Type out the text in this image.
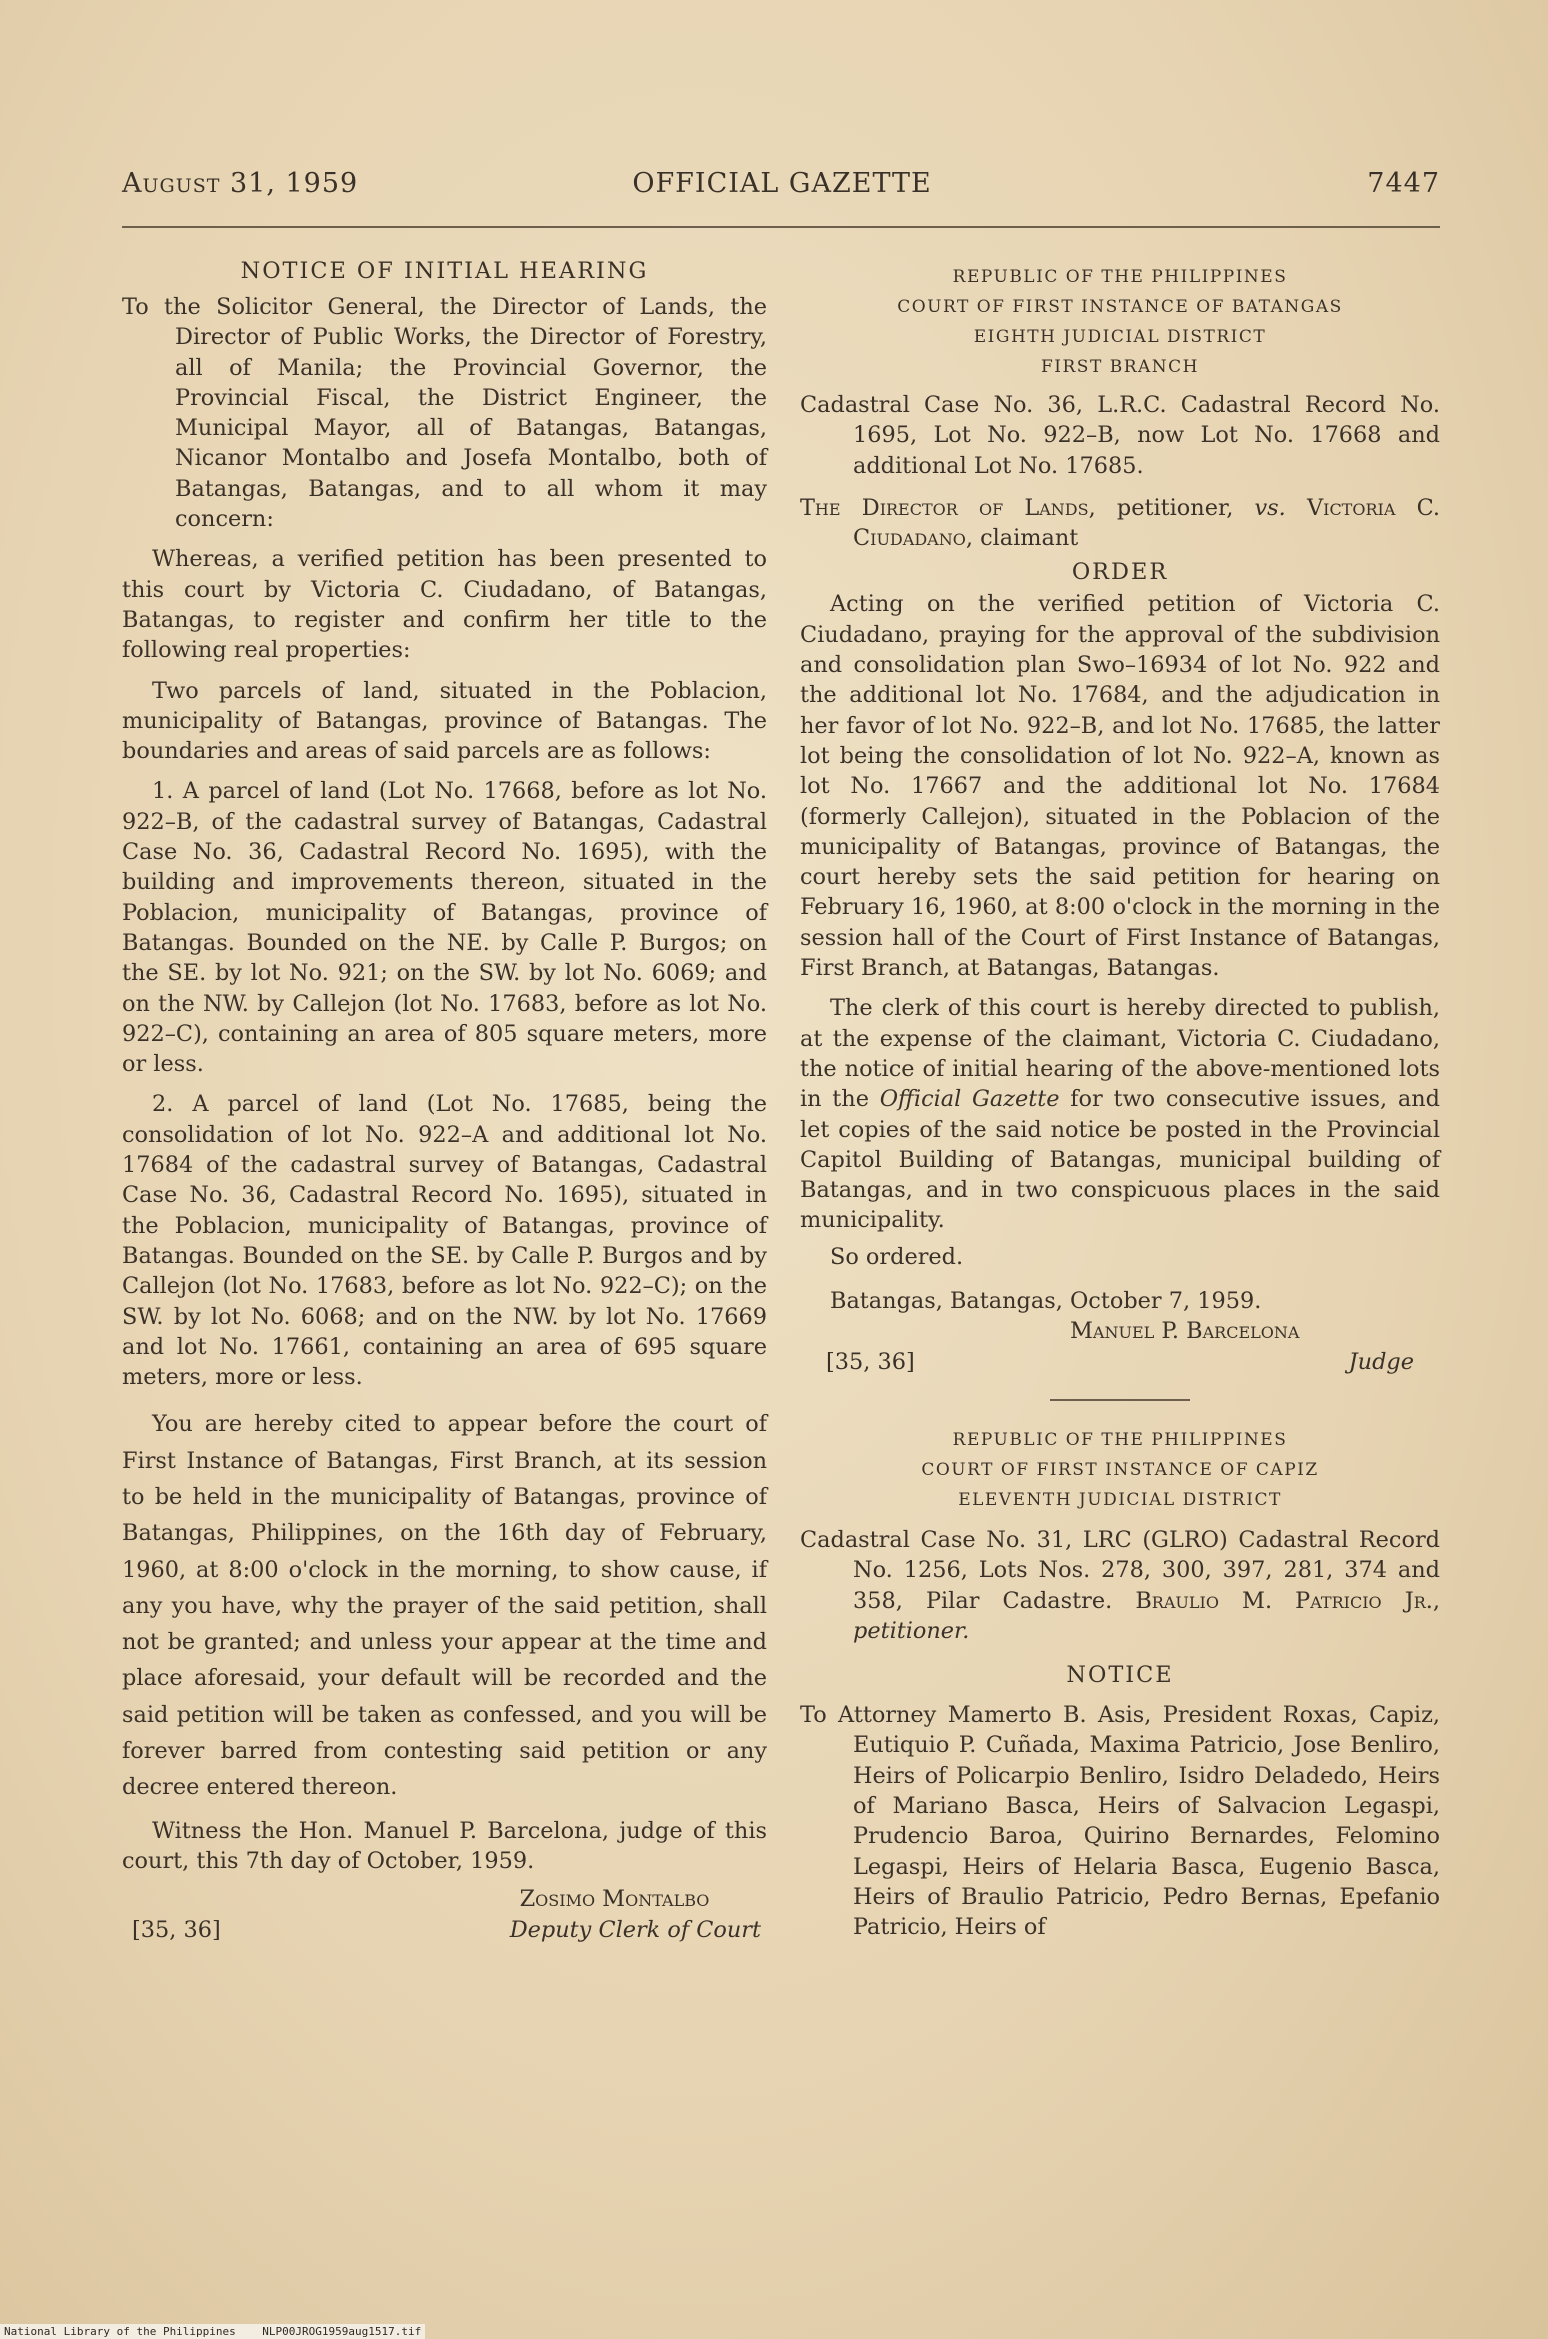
August 31, 1959	OFFICIAL GAZETTE	7447

NOTICE OF INITIAL HEARING

To the Solicitor General, the Director of Lands, the Director of Public Works, the Director of Forestry, all of Manila; the Provincial Governor, the Provincial Fiscal, the District Engineer, the Municipal Mayor, all of Batangas, Batangas, Nicanor Montalbo and Josefa Montalbo, both of Batangas, Batangas, and to all whom it may concern:

Whereas, a verified petition has been presented to this court by Victoria C. Ciudadano, of Batangas, Batangas, to register and confirm her title to the following real properties:

Two parcels of land, situated in the Poblacion, municipality of Batangas, province of Batangas. The boundaries and areas of said parcels are as follows:

1. A parcel of land (Lot No. 17668, before as lot No. 922–B, of the cadastral survey of Batangas, Cadastral Case No. 36, Cadastral Record No. 1695), with the building and improvements thereon, situated in the Poblacion, municipality of Batangas, province of Batangas. Bounded on the NE. by Calle P. Burgos; on the SE. by lot No. 921; on the SW. by lot No. 6069; and on the NW. by Callejon (lot No. 17683, before as lot No. 922–C), containing an area of 805 square meters, more or less.

2. A parcel of land (Lot No. 17685, being the consolidation of lot No. 922–A and additional lot No. 17684 of the cadastral survey of Batangas, Cadastral Case No. 36, Cadastral Record No. 1695), situated in the Poblacion, municipality of Batangas, province of Batangas. Bounded on the SE. by Calle P. Burgos and by Callejon (lot No. 17683, before as lot No. 922–C); on the SW. by lot No. 6068; and on the NW. by lot No. 17669 and lot No. 17661, containing an area of 695 square meters, more or less.

You are hereby cited to appear before the court of First Instance of Batangas, First Branch, at its session to be held in the municipality of Batangas, province of Batangas, Philippines, on the 16th day of February, 1960, at 8:00 o'clock in the morning, to show cause, if any you have, why the prayer of the said petition, shall not be granted; and unless your appear at the time and place aforesaid, your default will be recorded and the said petition will be taken as confessed, and you will be forever barred from contesting said petition or any decree entered thereon.

Witness the Hon. Manuel P. Barcelona, judge of this court, this 7th day of October, 1959.

Zosimo Montalbo

[35, 36]	Deputy Clerk of Court

REPUBLIC OF THE PHILIPPINES

COURT OF FIRST INSTANCE OF BATANGAS

EIGHTH JUDICIAL DISTRICT

FIRST BRANCH

Cadastral Case No. 36, L.R.C. Cadastral Record No. 1695, Lot No. 922–B, now Lot No. 17668 and additional Lot No. 17685.

The Director of Lands, petitioner, vs. Victoria C. Ciudadano, claimant

ORDER

Acting on the verified petition of Victoria C. Ciudadano, praying for the approval of the subdivision and consolidation plan Swo–16934 of lot No. 922 and the additional lot No. 17684, and the adjudication in her favor of lot No. 922–B, and lot No. 17685, the latter lot being the consolidation of lot No. 922–A, known as lot No. 17667 and the additional lot No. 17684 (formerly Callejon), situated in the Poblacion of the municipality of Batangas, province of Batangas, the court hereby sets the said petition for hearing on February 16, 1960, at 8:00 o'clock in the morning in the session hall of the Court of First Instance of Batangas, First Branch, at Batangas, Batangas.

The clerk of this court is hereby directed to publish, at the expense of the claimant, Victoria C. Ciudadano, the notice of initial hearing of the above-mentioned lots in the Official Gazette for two consecutive issues, and let copies of the said notice be posted in the Provincial Capitol Building of Batangas, municipal building of Batangas, and in two conspicuous places in the said municipality.

So ordered.

Batangas, Batangas, October 7, 1959.

Manuel P. Barcelona

[35, 36]	Judge

REPUBLIC OF THE PHILIPPINES

COURT OF FIRST INSTANCE OF CAPIZ

ELEVENTH JUDICIAL DISTRICT

Cadastral Case No. 31, LRC (GLRO) Cadastral Record No. 1256, Lots Nos. 278, 300, 397, 281, 374 and 358, Pilar Cadastre. Braulio M. Patricio Jr., petitioner.

NOTICE

To Attorney Mamerto B. Asis, President Roxas, Capiz, Eutiquio P. Cuñada, Maxima Patricio, Jose Benliro, Heirs of Policarpio Benliro, Isidro Deladedo, Heirs of Mariano Basca, Heirs of Salvacion Legaspi, Prudencio Baroa, Quirino Bernardes, Felomino Legaspi, Heirs of Helaria Basca, Eugenio Basca, Heirs of Braulio Patricio, Pedro Bernas, Epefanio Patricio, Heirs of

National Library of the Philippines NLP00JROG1959aug1517.tif
